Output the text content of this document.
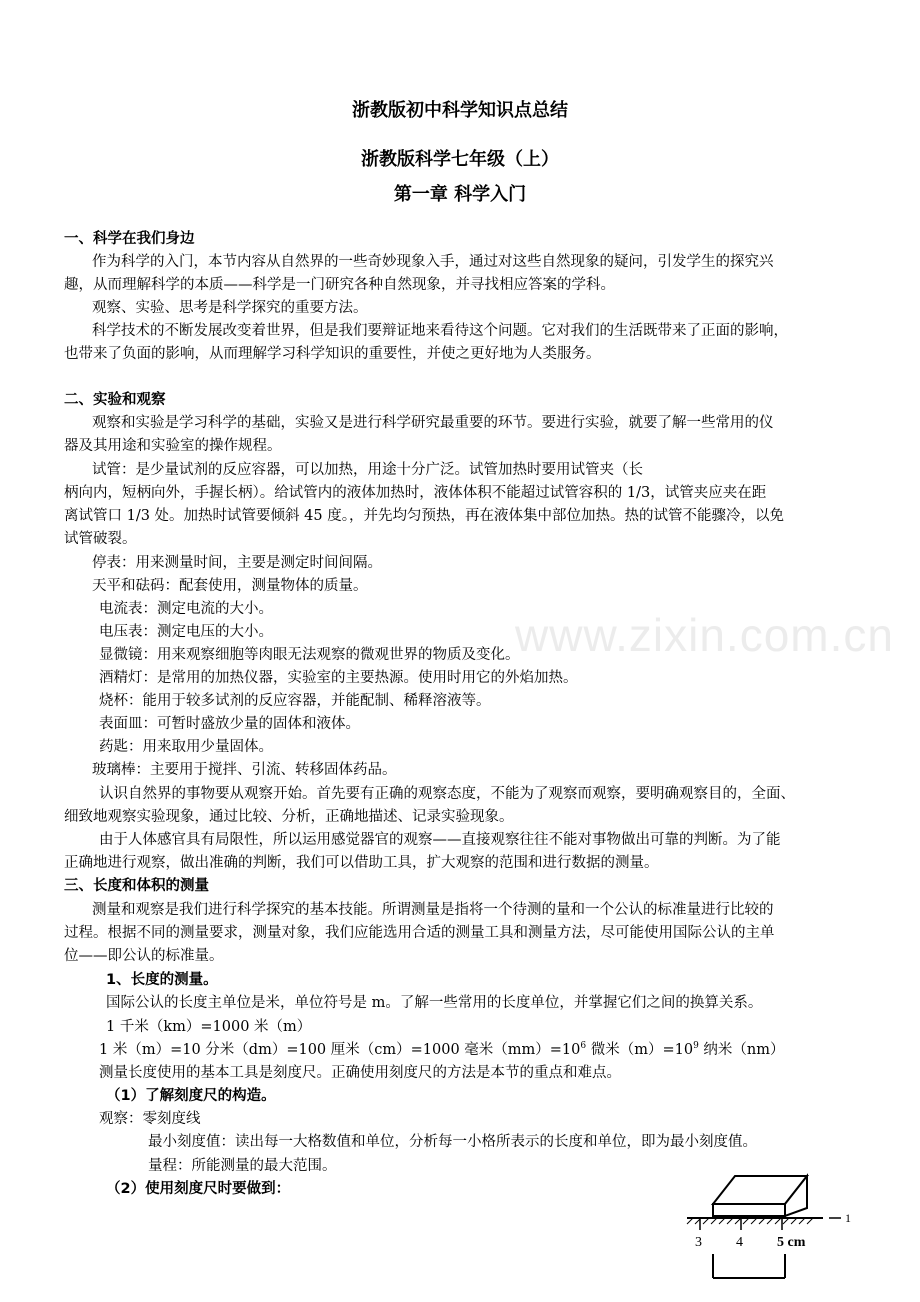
www.zixin.com.cn
浙教版初中科学知识点总结
浙教版科学七年级（上）
第一章 科学入门
一、科学在我们身边
作为科学的入门，本节内容从自然界的一些奇妙现象入手，通过对这些自然现象的疑问，引发学生的探究兴
趣，从而理解科学的本质——科学是一门研究各种自然现象，并寻找相应答案的学科。
观察、实验、思考是科学探究的重要方法。
科学技术的不断发展改变着世界，但是我们要辩证地来看待这个问题。它对我们的生活既带来了正面的影响，
也带来了负面的影响，从而理解学习科学知识的重要性，并使之更好地为人类服务。
二、实验和观察
观察和实验是学习科学的基础，实验又是进行科学研究最重要的环节。要进行实验，就要了解一些常用的仪
器及其用途和实验室的操作规程。
试管：是少量试剂的反应容器，可以加热，用途十分广泛。试管加热时要用试管夹（长
柄向内，短柄向外，手握长柄）。给试管内的液体加热时，液体体积不能超过试管容积的 1/3，试管夹应夹在距
离试管口 1/3 处。加热时试管要倾斜 45 度。，并先均匀预热，再在液体集中部位加热。热的试管不能骤冷，以免
试管破裂。
停表：用来测量时间，主要是测定时间间隔。
天平和砝码：配套使用，测量物体的质量。
电流表：测定电流的大小。
电压表：测定电压的大小。
显微镜：用来观察细胞等肉眼无法观察的微观世界的物质及变化。
酒精灯：是常用的加热仪器，实验室的主要热源。使用时用它的外焰加热。
烧杯：能用于较多试剂的反应容器，并能配制、稀释溶液等。
表面皿：可暂时盛放少量的固体和液体。
药匙：用来取用少量固体。
玻璃棒：主要用于搅拌、引流、转移固体药品。
认识自然界的事物要从观察开始。首先要有正确的观察态度，不能为了观察而观察，要明确观察目的，全面、
细致地观察实验现象，通过比较、分析，正确地描述、记录实验现象。
由于人体感官具有局限性，所以运用感觉器官的观察——直接观察往往不能对事物做出可靠的判断。为了能
正确地进行观察，做出准确的判断，我们可以借助工具，扩大观察的范围和进行数据的测量。
三、长度和体积的测量
测量和观察是我们进行科学探究的基本技能。所谓测量是指将一个待测的量和一个公认的标准量进行比较的
过程。根据不同的测量要求，测量对象，我们应能选用合适的测量工具和测量方法，尽可能使用国际公认的主单
位——即公认的标准量。
1、长度的测量。
国际公认的长度主单位是米，单位符号是 m。了解一些常用的长度单位，并掌握它们之间的换算关系。
1 千米（km）=1000 米（m）
1 米（m）=10 分米（dm）=100 厘米（cm）=1000 毫米$(mm)=10^6$ 微米$(m)=10^9$ 纳米（nm）
测量长度使用的基本工具是刻度尺。正确使用刻度尺的方法是本节的重点和难点。
（1）了解刻度尺的构造。
观察：零刻度线
最小刻度值：读出每一大格数值和单位，分析每一小格所表示的长度和单位，即为最小刻度值。
量程：所能测量的最大范围。
（2）使用刻度尺时要做到：
1
3 4 5 cm
